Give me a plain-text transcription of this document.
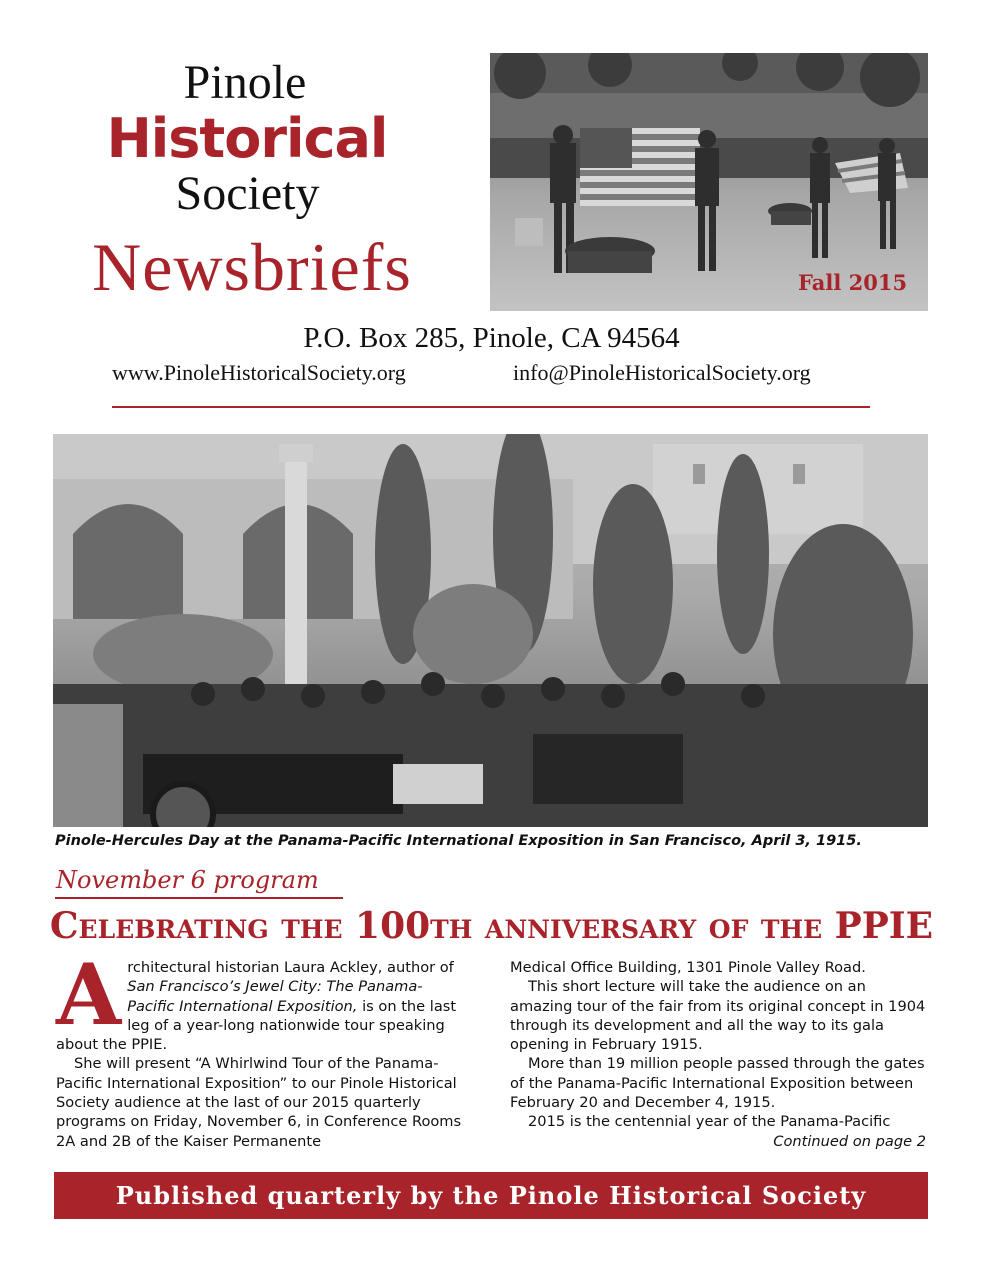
Pinole
Historical
Society
Newsbriefs	Fall 2015
P.O. Box 285, Pinole, CA 94564
www.PinoleHistoricalSociety.org	info@PinoleHistoricalSociety.org
Pinole-Hercules Day at the Panama-Pacific International Exposition in San Francisco, April 3, 1915.
November 6 program
Celebrating the 100th anniversary of the PPIE

Architectural historian Laura Ackley, author of San Francisco’s Jewel City: The Panama-Pacific International Exposition, is on the last leg of a year-long nationwide tour speaking about the PPIE.

She will present “A Whirlwind Tour of the Panama-Pacific International Exposition” to our Pinole Historical Society audience at the last of our 2015 quarterly programs on Friday, November 6, in Conference Rooms 2A and 2B of the Kaiser Permanente

Medical Office Building, 1301 Pinole Valley Road.

This short lecture will take the audience on an amazing tour of the fair from its original concept in 1904 through its development and all the way to its gala opening in February 1915.

More than 19 million people passed through the gates of the Panama-Pacific International Exposition between February 20 and December 4, 1915.

2015 is the centennial year of the Panama-Pacific

Continued on page 2

Published quarterly by the Pinole Historical Society
